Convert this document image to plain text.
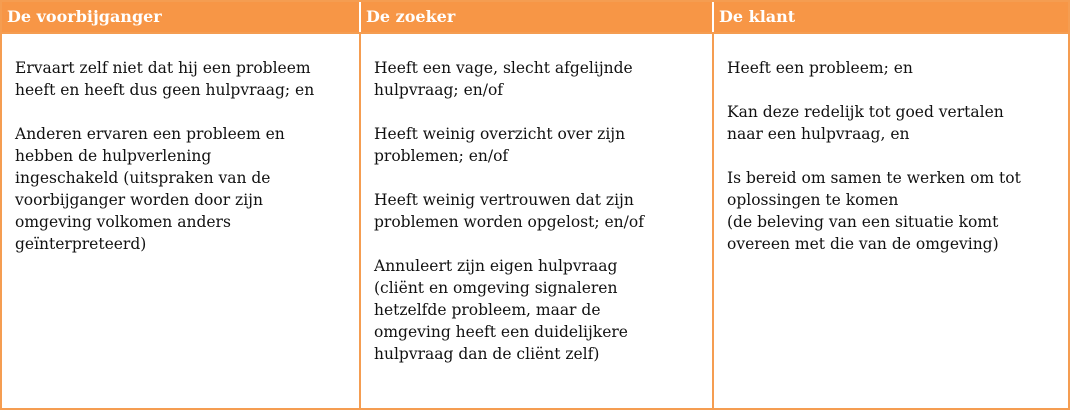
De voorbijganger	De zoeker	De klant
Ervaart zelf niet dat hij een probleem
heeft en heeft dus geen hulpvraag; en
Anderen ervaren een probleem en
hebben de hulpverlening
ingeschakeld (uitspraken van de
voorbijganger worden door zijn
omgeving volkomen anders
geïnterpreteerd)
Heeft een vage, slecht afgelijnde
hulpvraag; en/of
Heeft weinig overzicht over zijn
problemen; en/of
Heeft weinig vertrouwen dat zijn
problemen worden opgelost; en/of
Annuleert zijn eigen hulpvraag
(cliënt en omgeving signaleren
hetzelfde probleem, maar de
omgeving heeft een duidelijkere
hulpvraag dan de cliënt zelf)
Heeft een probleem; en
Kan deze redelijk tot goed vertalen
naar een hulpvraag, en
Is bereid om samen te werken om tot
oplossingen te komen
(de beleving van een situatie komt
overeen met die van de omgeving)
